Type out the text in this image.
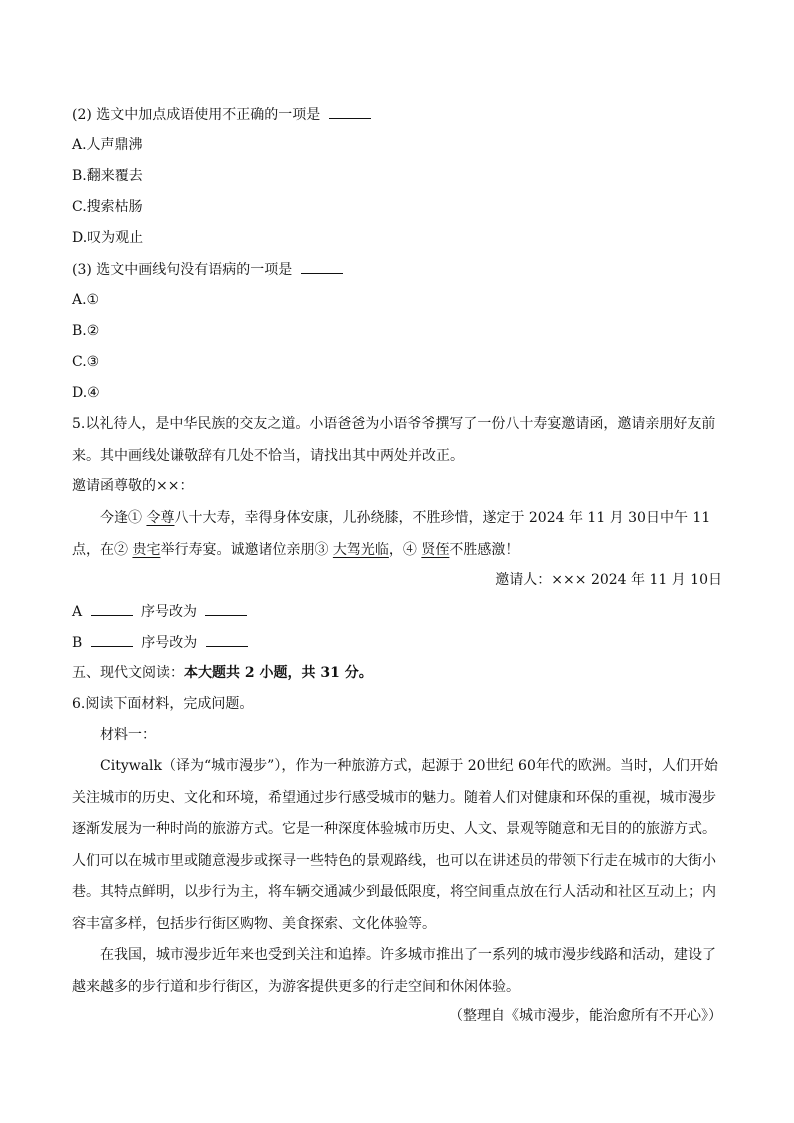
(2) 选文中加点成语使用不正确的一项是
A.人声鼎沸
B.翻来覆去
C.搜索枯肠
D.叹为观止
(3) 选文中画线句没有语病的一项是
A.①
B.②
C.③
D.④
5.以礼待人，是中华民族的交友之道。小语爸爸为小语爷爷撰写了一份八十寿宴邀请函，邀请亲朋好友前来。其中画线处谦敬辞有几处不恰当，请找出其中两处并改正。
邀请函尊敬的××：
今逢① 令尊八十大寿，幸得身体安康，儿孙绕膝，不胜珍惜，遂定于 2024 年 11 月 30日中午 11点，在② 贵宅举行寿宴。诚邀诸位亲朋③ 大驾光临，④ 贤侄不胜感激！
邀请人：××× 2024 年 11 月 10日
A	序号改为
B	序号改为
五、现代文阅读：本大题共 2 小题，共 31 分。
6.阅读下面材料，完成问题。
材料一：
Citywalk（译为“城市漫步”），作为一种旅游方式，起源于 20世纪 60年代的欧洲。当时，人们开始关注城市的历史、文化和环境，希望通过步行感受城市的魅力。随着人们对健康和环保的重视，城市漫步逐渐发展为一种时尚的旅游方式。它是一种深度体验城市历史、人文、景观等随意和无目的的旅游方式。人们可以在城市里或随意漫步或探寻一些特色的景观路线，也可以在讲述员的带领下行走在城市的大街小巷。其特点鲜明，以步行为主，将车辆交通减少到最低限度，将空间重点放在行人活动和社区互动上；内容丰富多样，包括步行街区购物、美食探索、文化体验等。
在我国，城市漫步近年来也受到关注和追捧。许多城市推出了一系列的城市漫步线路和活动，建设了越来越多的步行道和步行街区，为游客提供更多的行走空间和休闲体验。
（整理自《城市漫步，能治愈所有不开心》）
